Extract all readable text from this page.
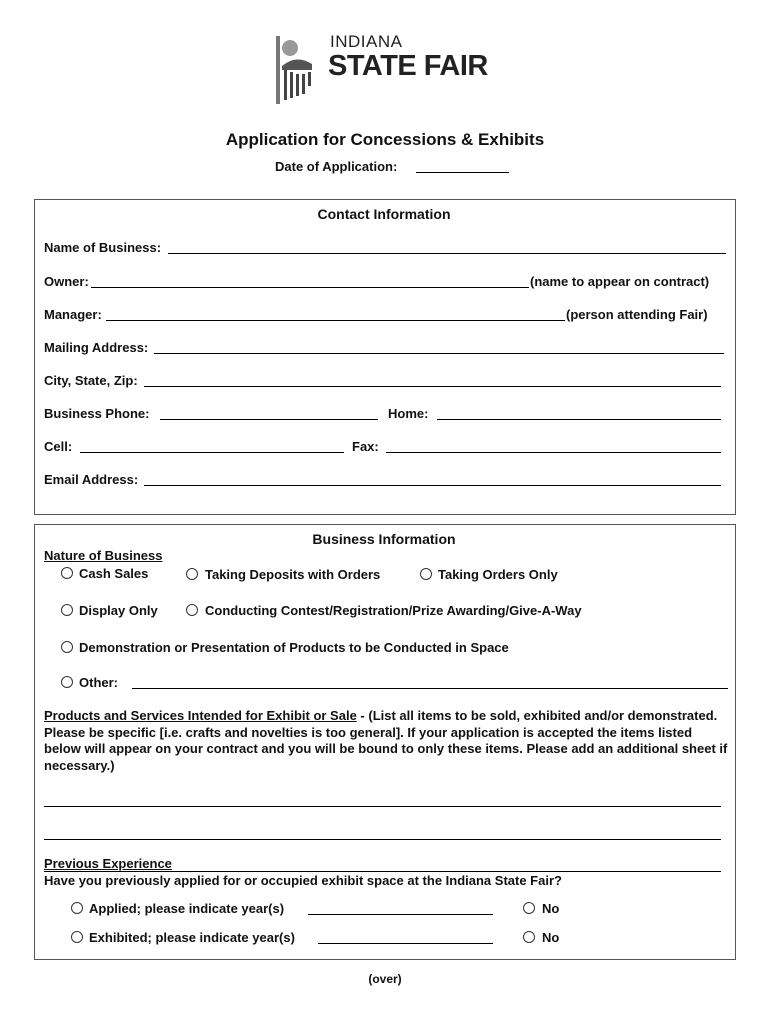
INDIANA
STATE FAIR
Application for Concessions & Exhibits
Date of Application:
Contact Information
Name of Business:
Owner:	(name to appear on contract)
Manager:	(person attending Fair)
Mailing Address:
City, State, Zip:
Business Phone:	Home:
Cell:	Fax:
Email Address:
Business Information
Nature of Business
Cash Sales	Taking Deposits with Orders	Taking Orders Only
Display Only	Conducting Contest/Registration/Prize Awarding/Give-A-Way
Demonstration or Presentation of Products to be Conducted in Space
Other:
Products and Services Intended for Exhibit or Sale - (List all items to be sold, exhibited and/or demonstrated. Please be specific [i.e. crafts and novelties is too general]. If your application is accepted the items listed below will appear on your contract and you will be bound to only these items. Please add an additional sheet if necessary.)
Previous Experience
Have you previously applied for or occupied exhibit space at the Indiana State Fair?
Applied; please indicate year(s)	No
Exhibited; please indicate year(s)	No
(over)
